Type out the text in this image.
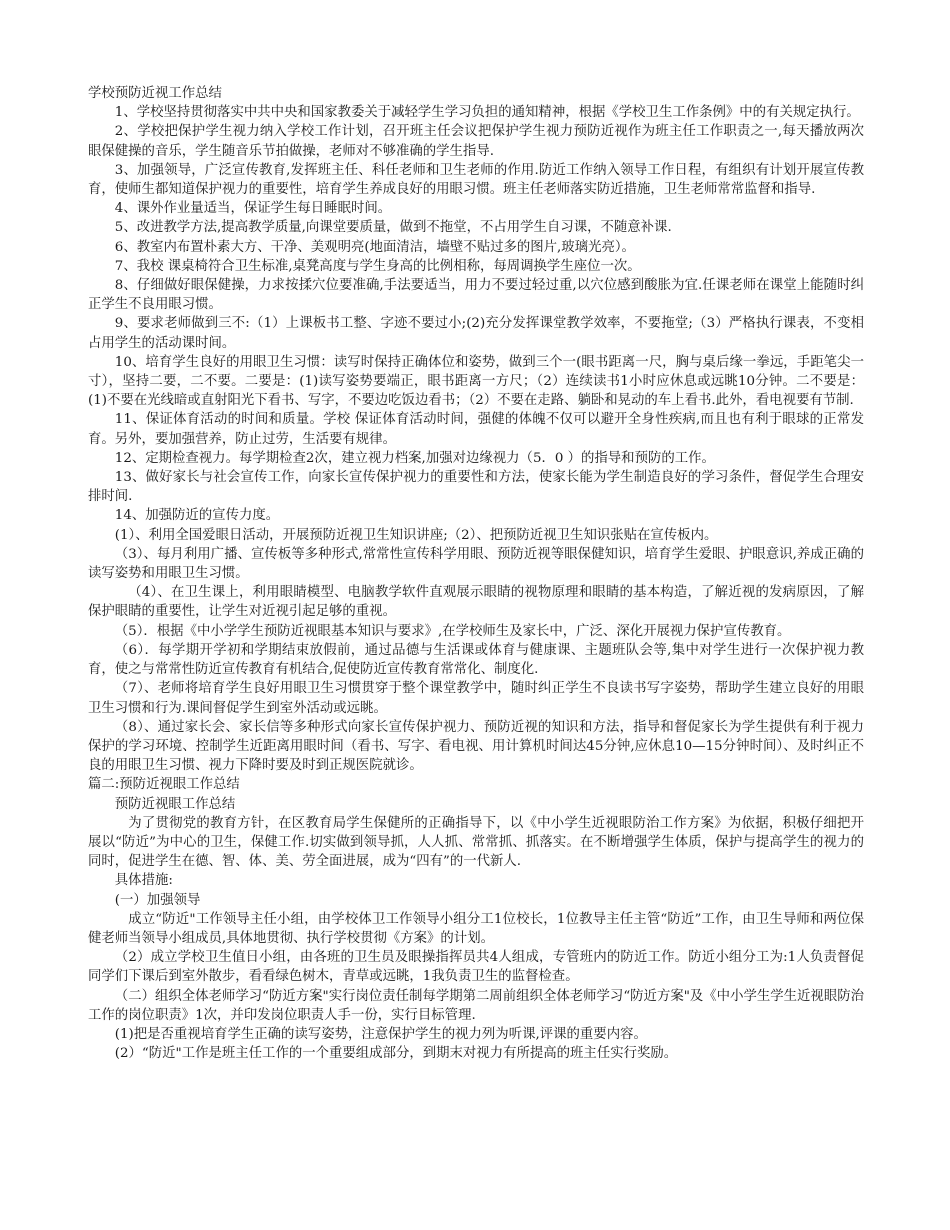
学校预防近视工作总结

1、学校坚持贯彻落实中共中央和国家教委关于减轻学生学习负担的通知精神，根据《学校卫生工作条例》中的有关规定执行。

2、学校把保护学生视力纳入学校工作计划，召开班主任会议把保护学生视力预防近视作为班主任工作职责之一,每天播放两次眼保健操的音乐，学生随音乐节拍做操，老师对不够准确的学生指导.

3、加强领导，广泛宣传教育,发挥班主任、科任老师和卫生老师的作用.防近工作纳入领导工作日程，有组织有计划开展宣传教育，使师生都知道保护视力的重要性，培育学生养成良好的用眼习惯。班主任老师落实防近措施，卫生老师常常监督和指导.

4、课外作业量适当，保证学生每日睡眠时间。

5、改进教学方法,提高教学质量,向课堂要质量，做到不拖堂，不占用学生自习课，不随意补课.

6、教室内布置朴素大方、干净、美观明亮(地面清洁，墙壁不贴过多的图片,玻璃光亮）。

7、我校 课桌椅符合卫生标准,桌凳高度与学生身高的比例相称，每周调换学生座位一次。

8、仔细做好眼保健操，力求按揉穴位要准确,手法要适当，用力不要过轻过重,以穴位感到酸胀为宜.任课老师在课堂上能随时纠正学生不良用眼习惯。

9、要求老师做到三不:（1）上课板书工整、字迹不要过小;(2)充分发挥课堂教学效率，不要拖堂;（3）严格执行课表，不变相占用学生的活动课时间。

10、培育学生良好的用眼卫生习惯：读写时保持正确体位和姿势，做到三个一(眼书距离一尺，胸与桌后缘一拳远，手距笔尖一寸），坚持二要，二不要。二要是：(1)读写姿势要端正，眼书距离一方尺；（2）连续读书1小时应休息或远眺10分钟。二不要是：(1)不要在光线暗或直射阳光下看书、写字，不要边吃饭边看书；（2）不要在走路、躺卧和晃动的车上看书.此外，看电视要有节制.

11、保证体育活动的时间和质量。学校 保证体育活动时间，强健的体魄不仅可以避开全身性疾病,而且也有利于眼球的正常发育。另外，要加强营养，防止过劳，生活要有规律。

12、定期检查视力。每学期检查2次，建立视力档案,加强对边缘视力（5．0 ）的指导和预防的工作。

13、做好家长与社会宣传工作，向家长宣传保护视力的重要性和方法，使家长能为学生制造良好的学习条件，督促学生合理安排时间.

14、加强防近的宣传力度。

(1）、利用全国爱眼日活动，开展预防近视卫生知识讲座;（2）、把预防近视卫生知识张贴在宣传板内。

（3）、每月利用广播、宣传板等多种形式,常常性宣传科学用眼、预防近视等眼保健知识，培育学生爱眼、护眼意识,养成正确的读写姿势和用眼卫生习惯。

（4）、在卫生课上，利用眼睛模型、电脑教学软件直观展示眼睛的视物原理和眼睛的基本构造，了解近视的发病原因，了解保护眼睛的重要性，让学生对近视引起足够的重视。

（5）．根据《中小学学生预防近视眼基本知识与要求》,在学校师生及家长中，广泛、深化开展视力保护宣传教育。

（6）．每学期开学初和学期结束放假前，通过品德与生活课或体育与健康课、主题班队会等,集中对学生进行一次保护视力教育，使之与常常性防近宣传教育有机结合,促使防近宣传教育常常化、制度化.

（7）、老师将培育学生良好用眼卫生习惯贯穿于整个课堂教学中，随时纠正学生不良读书写字姿势，帮助学生建立良好的用眼卫生习惯和行为.课间督促学生到室外活动或远眺。

（8）、通过家长会、家长信等多种形式向家长宣传保护视力、预防近视的知识和方法，指导和督促家长为学生提供有利于视力保护的学习环境、控制学生近距离用眼时间（看书、写字、看电视、用计算机时间达45分钟,应休息10—15分钟时间）、及时纠正不良的用眼卫生习惯、视力下降时要及时到正规医院就诊。

篇二:预防近视眼工作总结

预防近视眼工作总结

为了贯彻党的教育方针，在区教育局学生保健所的正确指导下，以《中小学生近视眼防治工作方案》为依据，积极仔细把开展以“防近”为中心的卫生，保健工作.切实做到领导抓，人人抓、常常抓、抓落实。在不断增强学生体质，保护与提高学生的视力的同时，促进学生在德、智、体、美、劳全面进展，成为“四有”的一代新人.

具体措施:

(一）加强领导

成立“防近"工作领导主任小组，由学校体卫工作领导小组分工1位校长，1位教导主任主管“防近”工作，由卫生导师和两位保健老师当领导小组成员,具体地贯彻、执行学校贯彻《方案》的计划。

（2）成立学校卫生值日小组，由各班的卫生员及眼操指挥员共4人组成，专管班内的防近工作。防近小组分工为:1人负责督促同学们下课后到室外散步，看看绿色树木，青草或远眺，1我负责卫生的监督检查。

（二）组织全体老师学习“防近方案"实行岗位责任制每学期第二周前组织全体老师学习“防近方案"及《中小学生学生近视眼防治工作的岗位职责》1次，并印发岗位职责人手一份，实行目标管理.

(1)把是否重视培育学生正确的读写姿势，注意保护学生的视力列为听课,评课的重要内容。

(2）“防近"工作是班主任工作的一个重要组成部分，到期末对视力有所提高的班主任实行奖励。
